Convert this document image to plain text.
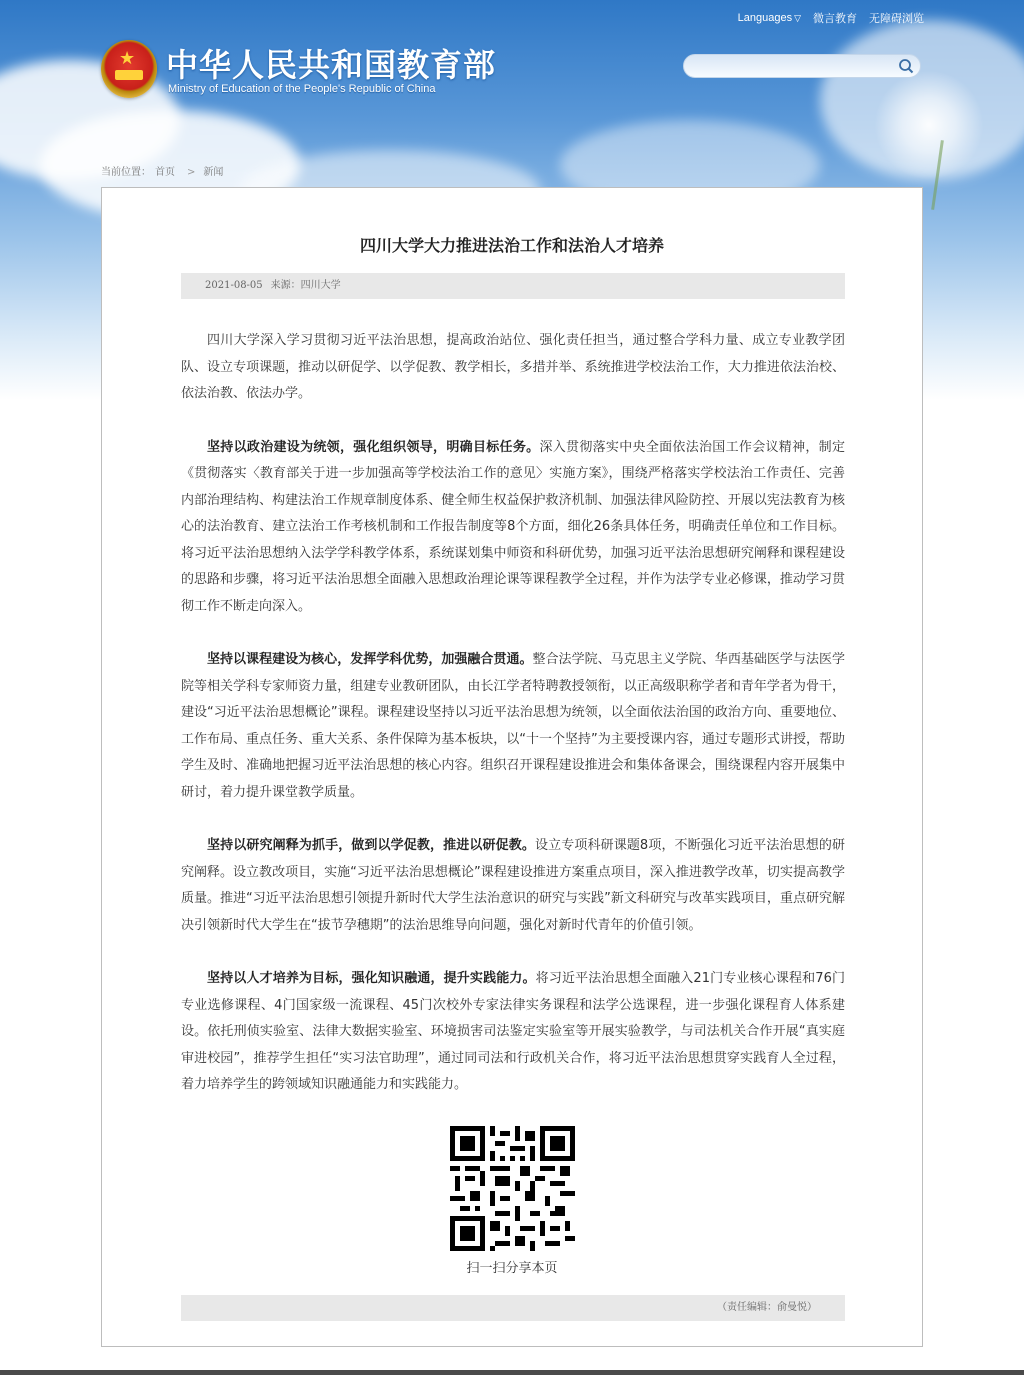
Languages ▽ 微言教育 无障碍浏览
★ 中华人民共和国教育部
Ministry of Education of the People's Republic of China
当前位置： 首页 > 新闻
四川大学大力推进法治工作和法治人才培养
2021-08-05 来源：四川大学

四川大学深入学习贯彻习近平法治思想，提高政治站位、强化责任担当，通过整合学科力量、成立专业教学团队、设立专项课题，推动以研促学、以学促教、教学相长，多措并举、系统推进学校法治工作，大力推进依法治校、依法治教、依法办学。

坚持以政治建设为统领，强化组织领导，明确目标任务。深入贯彻落实中央全面依法治国工作会议精神，制定《贯彻落实〈教育部关于进一步加强高等学校法治工作的意见〉实施方案》，围绕严格落实学校法治工作责任、完善内部治理结构、构建法治工作规章制度体系、健全师生权益保护救济机制、加强法律风险防控、开展以宪法教育为核心的法治教育、建立法治工作考核机制和工作报告制度等8个方面，细化26条具体任务，明确责任单位和工作目标。将习近平法治思想纳入法学学科教学体系，系统谋划集中师资和科研优势，加强习近平法治思想研究阐释和课程建设的思路和步骤，将习近平法治思想全面融入思想政治理论课等课程教学全过程，并作为法学专业必修课，推动学习贯彻工作不断走向深入。

坚持以课程建设为核心，发挥学科优势，加强融合贯通。整合法学院、马克思主义学院、华西基础医学与法医学院等相关学科专家师资力量，组建专业教研团队，由长江学者特聘教授领衔，以正高级职称学者和青年学者为骨干，建设“习近平法治思想概论”课程。课程建设坚持以习近平法治思想为统领，以全面依法治国的政治方向、重要地位、工作布局、重点任务、重大关系、条件保障为基本板块，以“十一个坚持”为主要授课内容，通过专题形式讲授，帮助学生及时、准确地把握习近平法治思想的核心内容。组织召开课程建设推进会和集体备课会，围绕课程内容开展集中研讨，着力提升课堂教学质量。

坚持以研究阐释为抓手，做到以学促教，推进以研促教。设立专项科研课题8项，不断强化习近平法治思想的研究阐释。设立教改项目，实施“习近平法治思想概论”课程建设推进方案重点项目，深入推进教学改革，切实提高教学质量。推进“习近平法治思想引领提升新时代大学生法治意识的研究与实践”新文科研究与改革实践项目，重点研究解决引领新时代大学生在“拔节孕穗期”的法治思维导向问题，强化对新时代青年的价值引领。

坚持以人才培养为目标，强化知识融通，提升实践能力。将习近平法治思想全面融入21门专业核心课程和76门专业选修课程、4门国家级一流课程、45门次校外专家法律实务课程和法学公选课程，进一步强化课程育人体系建设。依托刑侦实验室、法律大数据实验室、环境损害司法鉴定实验室等开展实验教学，与司法机关合作开展“真实庭审进校园”，推荐学生担任“实习法官助理”，通过同司法和行政机关合作，将习近平法治思想贯穿实践育人全过程，着力培养学生的跨领域知识融通能力和实践能力。

扫一扫分享本页
（责任编辑：俞曼悦）
